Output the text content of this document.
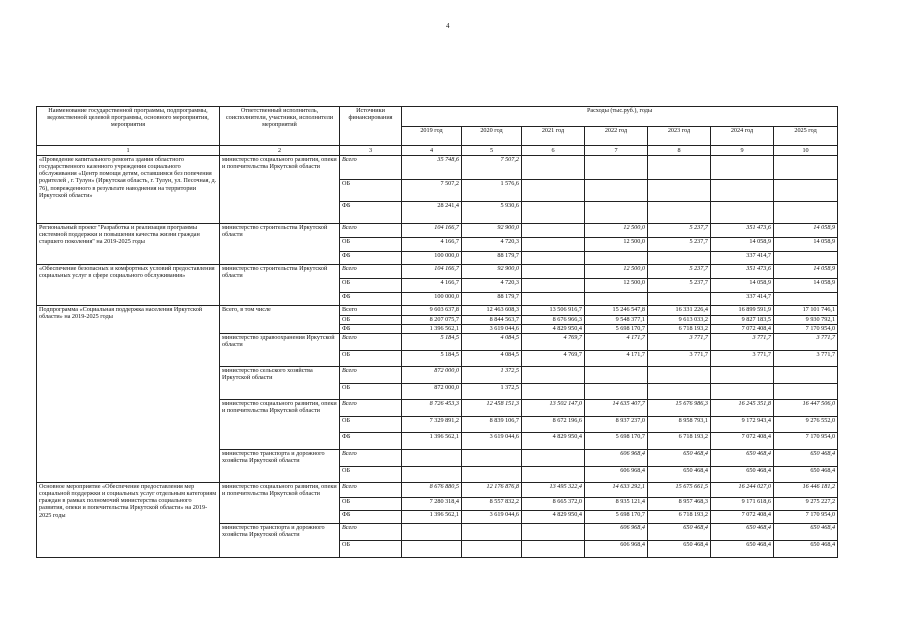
4
Наименование государственной программы, подпрограммы, ведомственной целевой программы, основного мероприятия, мероприятия	Ответственный исполнитель, соисполнители, участники, исполнители мероприятий	Источники финансирования	Расходы (тыс.руб.), годы						
			2019 год	2020 год	2021 год	2022 год	2023 год	2024 год	2025 год
1	2	3	4	5	6	7	8	9	10
«Проведение капитального ремонта здания областного государственного казенного учреждения социального обслуживания «Центр помощи детям, оставшимся без попечения родителей , г. Тулун» (Иркутская область, г. Тулун, ул. Песочная, д. 76), поврежденного в результате наводнения на территории Иркутской области»	министерство социального развития, опеки и попечительства Иркутской области	Всего	35 748,6	7 507,2					
		ОБ	7 507,2	1 576,6					
		ФБ	28 241,4	5 930,6					
Региональный проект "Разработка и реализация программы системной поддержки и повышения качества жизни граждан старшего поколения" на 2019-2025 годы	министерство строительства Иркутской области	Всего	104 166,7	92 900,0		12 500,0	5 237,7	351 473,6	14 058,9
		ОБ	4 166,7	4 720,3		12 500,0	5 237,7	14 058,9	14 058,9
		ФБ	100 000,0	88 179,7				337 414,7	
«Обеспечение безопасных и комфортных условий предоставления социальных услуг в сфере социального обслуживания»	министерство строительства Иркутской области	Всего	104 166,7	92 900,0		12 500,0	5 237,7	351 473,6	14 058,9
		ОБ	4 166,7	4 720,3		12 500,0	5 237,7	14 058,9	14 058,9
		ФБ	100 000,0	88 179,7				337 414,7	
Подпрограмма «Социальная поддержка населения Иркутской области» на 2019-2025 годы	Всего, в том числе	Всего	9 603 637,8	12 463 608,3	13 506 916,7	15 246 547,8	16 331 226,4	16 899 591,9	17 101 746,1
		ОБ	8 207 075,7	8 844 563,7	8 676 966,3	9 548 377,1	9 613 033,2	9 827 183,5	9 930 792,1
		ФБ	1 396 562,1	3 619 044,6	4 829 950,4	5 698 170,7	6 718 193,2	7 072 408,4	7 170 954,0
	министерство здравоохранения Иркутской области	Всего	5 184,5	4 084,5	4 769,7	4 171,7	3 771,7	3 771,7	3 771,7
		ОБ	5 184,5	4 084,5	4 769,7	4 171,7	3 771,7	3 771,7	3 771,7
	министерство сельского хозяйства Иркутской области	Всего	872 000,0	1 372,5					
		ОБ	872 000,0	1 372,5					
	министерство социального развития, опеки и попечительства Иркутской области	Всего	8 726 453,3	12 458 151,3	13 502 147,0	14 635 407,7	15 676 986,3	16 245 351,8	16 447 506,0
		ОБ	7 329 891,2	8 839 106,7	8 672 196,6	8 937 237,0	8 958 793,1	9 172 943,4	9 276 552,0
		ФБ	1 396 562,1	3 619 044,6	4 829 950,4	5 698 170,7	6 718 193,2	7 072 408,4	7 170 954,0
	министерство транспорта и дорожного хозяйства Иркутской области	Всего				606 968,4	650 468,4	650 468,4	650 468,4
		ОБ				606 968,4	650 468,4	650 468,4	650 468,4
Основное мероприятие «Обеспечение предоставления мер социальной поддержки и социальных услуг отдельным категориям граждан в рамках полномочий министерства социального развития, опеки и попечительства Иркутской области» на 2019-2025 годы	министерство социального развития, опеки и попечительства Иркутской области	Всего	8 676 880,5	12 176 876,8	13 495 322,4	14 633 292,1	15 675 661,5	16 244 027,0	16 446 181,2
		ОБ	7 280 318,4	8 557 832,2	8 665 372,0	8 935 121,4	8 957 468,3	9 171 618,6	9 275 227,2
		ФБ	1 396 562,1	3 619 044,6	4 829 950,4	5 698 170,7	6 718 193,2	7 072 408,4	7 170 954,0
	министерство транспорта и дорожного хозяйства Иркутской области	Всего				606 968,4	650 468,4	650 468,4	650 468,4
		ОБ				606 968,4	650 468,4	650 468,4	650 468,4
